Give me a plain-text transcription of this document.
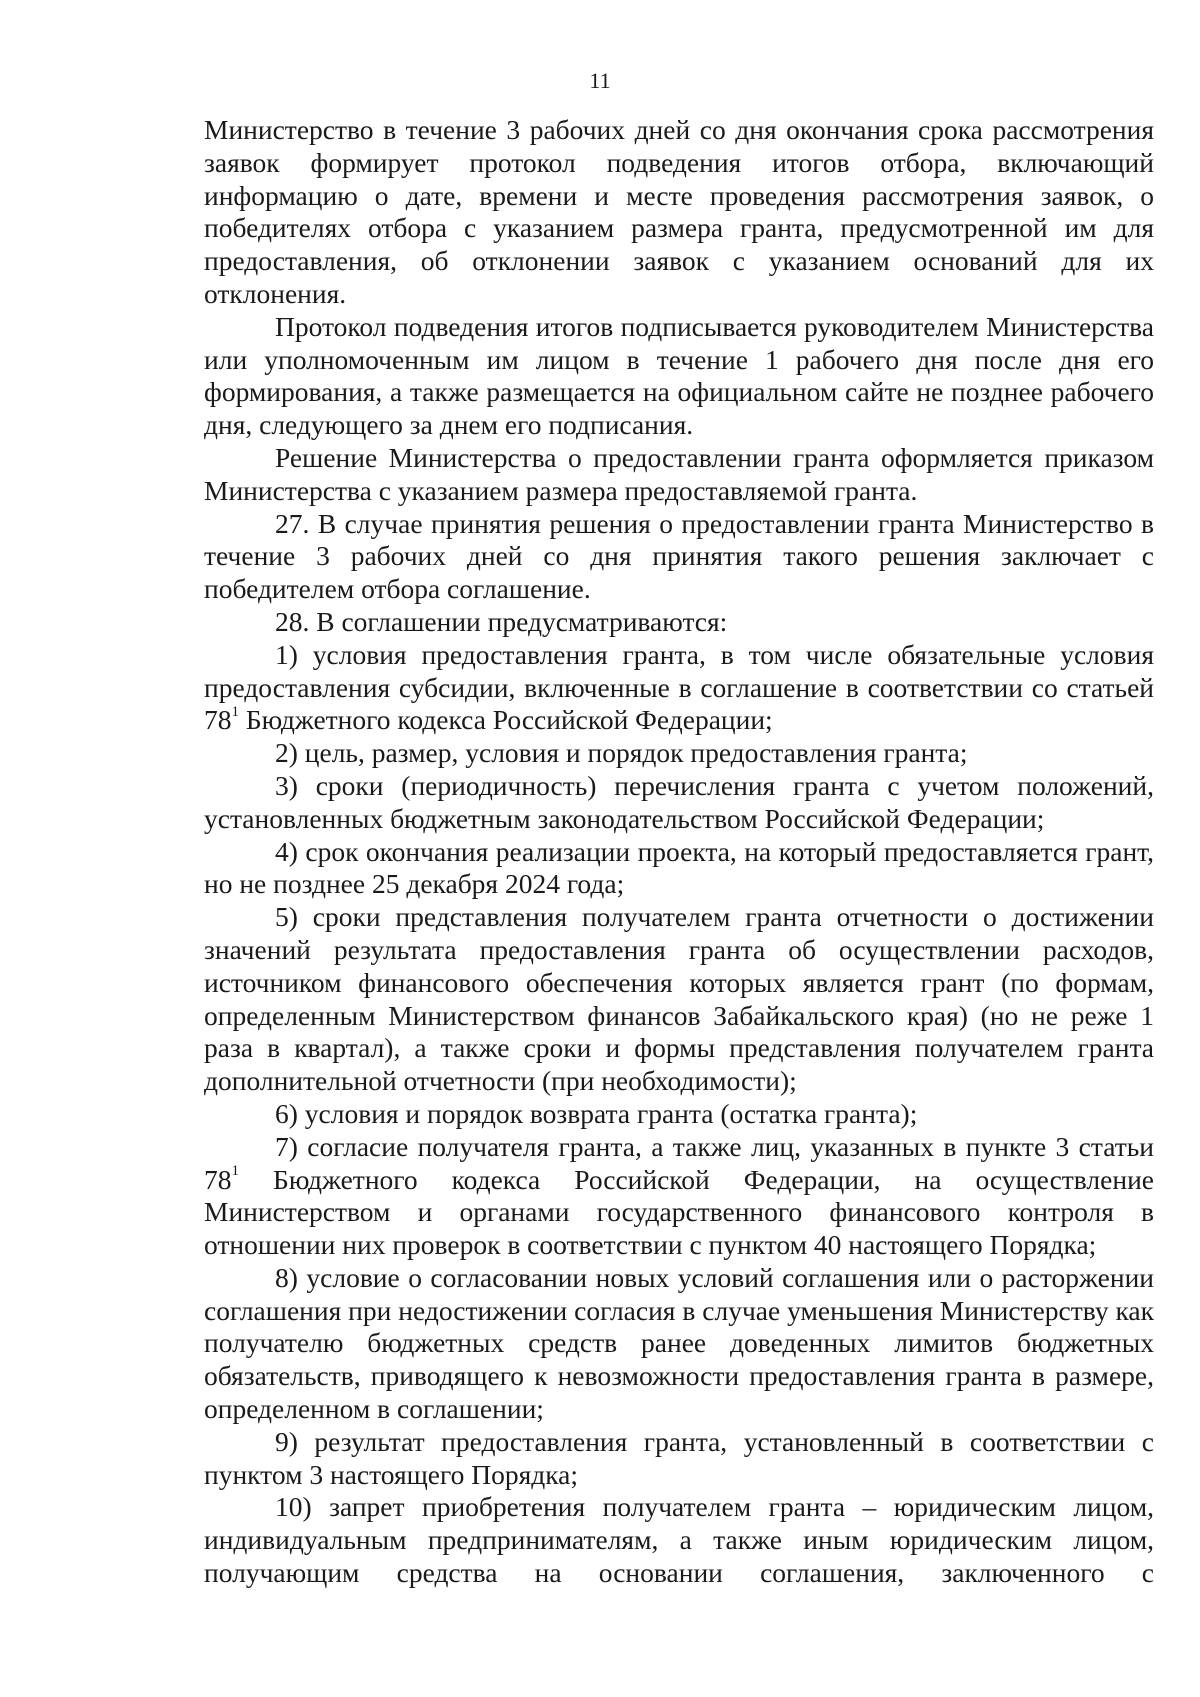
11

Министерство в течение 3 рабочих дней со дня окончания срока рассмотрения заявок формирует протокол подведения итогов отбора, включающий информацию о дате, времени и месте проведения рассмотрения заявок, о победителях отбора с указанием размера гранта, предусмотренной им для предоставления, об отклонении заявок с указанием оснований для их отклонения.

Протокол подведения итогов подписывается руководителем Министерства или уполномоченным им лицом в течение 1 рабочего дня после дня его формирования, а также размещается на официальном сайте не позднее рабочего дня, следующего за днем его подписания.

Решение Министерства о предоставлении гранта оформляется приказом Министерства с указанием размера предоставляемой гранта.

27. В случае принятия решения о предоставлении гранта Министерство в течение 3 рабочих дней со дня принятия такого решения заключает с победителем отбора соглашение.

28. В соглашении предусматриваются:

1) условия предоставления гранта, в том числе обязательные условия предоставления субсидии, включенные в соглашение в соответствии со статьей $78^1$ Бюджетного кодекса Российской Федерации;

2) цель, размер, условия и порядок предоставления гранта;

3) сроки (периодичность) перечисления гранта с учетом положений, установленных бюджетным законодательством Российской Федерации;

4) срок окончания реализации проекта, на который предоставляется грант, но не позднее 25 декабря 2024 года;

5) сроки представления получателем гранта отчетности о достижении значений результата предоставления гранта об осуществлении расходов, источником финансового обеспечения которых является грант (по формам, определенным Министерством финансов Забайкальского края) (но не реже 1 раза в квартал), а также сроки и формы представления получателем гранта дополнительной отчетности (при необходимости);

6) условия и порядок возврата гранта (остатка гранта);

7) согласие получателя гранта, а также лиц, указанных в пункте 3 статьи $78^1$ Бюджетного кодекса Российской Федерации, на осуществление Министерством и органами государственного финансового контроля в отношении них проверок в соответствии с пунктом 40 настоящего Порядка;

8) условие о согласовании новых условий соглашения или о расторжении соглашения при недостижении согласия в случае уменьшения Министерству как получателю бюджетных средств ранее доведенных лимитов бюджетных обязательств, приводящего к невозможности предоставления гранта в размере, определенном в соглашении;

9) результат предоставления гранта, установленный в соответствии с пунктом 3 настоящего Порядка;

10) запрет приобретения получателем гранта – юридическим лицом, индивидуальным предпринимателям, а также иным юридическим лицом, получающим средства на основании соглашения, заключенного с
